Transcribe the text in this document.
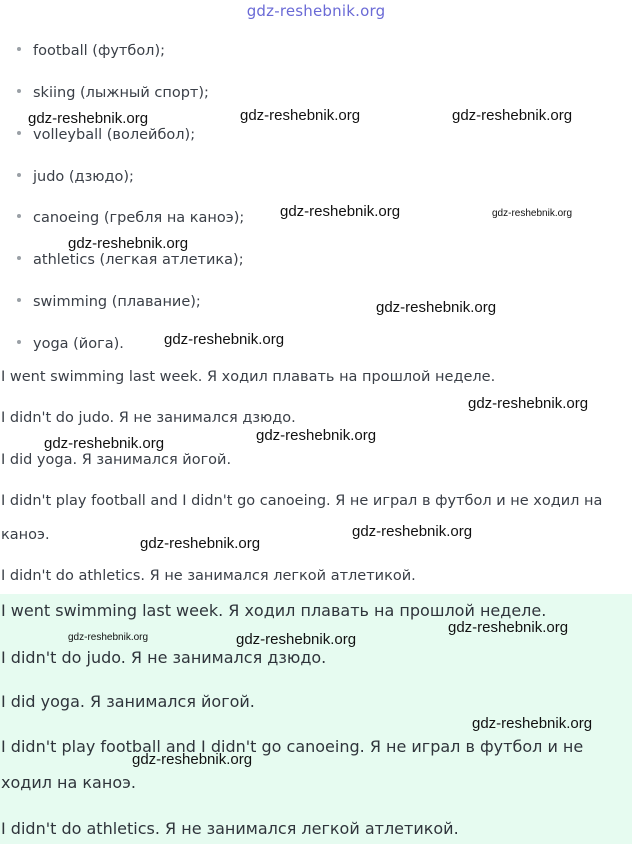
gdz-reshebnik.org
football (футбол);
skiing (лыжный спорт);
volleyball (волейбол);
judo (дзюдо);
canoeing (гребля на каноэ);
athletics (легкая атлетика);
swimming (плавание);
yoga (йога).
I went swimming last week. Я ходил плавать на прошлой неделе.
I didn't do judo. Я не занимался дзюдо.
I did yoga. Я занимался йогой.
I didn't play football and I didn't go canoeing. Я не играл в футбол и не ходил на
каноэ.
I didn't do athletics. Я не занимался легкой атлетикой.
I went swimming last week. Я ходил плавать на прошлой неделе.
I didn't do judo. Я не занимался дзюдо.
I did yoga. Я занимался йогой.
I didn't play football and I didn't go canoeing. Я не играл в футбол и не
ходил на каноэ.
I didn't do athletics. Я не занимался легкой атлетикой.
gdz-reshebnik.org	gdz-reshebnik.org	gdz-reshebnik.org
gdz-reshebnik.org	gdz-reshebnik.org
gdz-reshebnik.org
gdz-reshebnik.org
gdz-reshebnik.org
gdz-reshebnik.org
gdz-reshebnik.org
gdz-reshebnik.org
gdz-reshebnik.org
gdz-reshebnik.org
gdz-reshebnik.org
gdz-reshebnik.org	gdz-reshebnik.org
gdz-reshebnik.org
gdz-reshebnik.org
